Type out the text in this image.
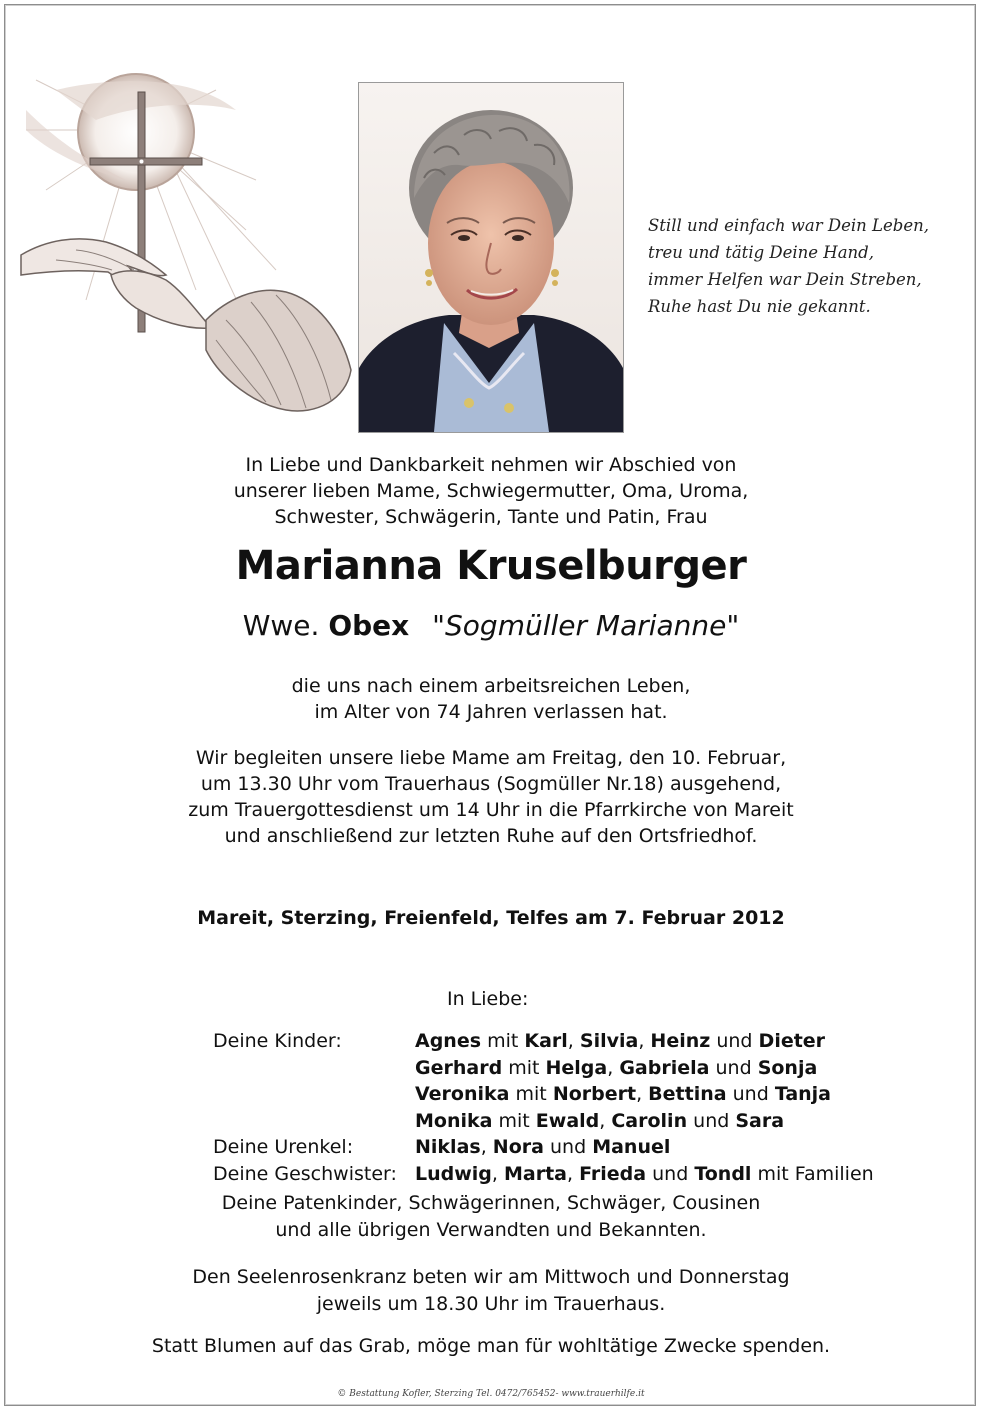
Still und einfach war Dein Leben,
treu und tätig Deine Hand,
immer Helfen war Dein Streben,
Ruhe hast Du nie gekannt.
In Liebe und Dankbarkeit nehmen wir Abschied von
unserer lieben Mame, Schwiegermutter, Oma, Uroma,
Schwester, Schwägerin, Tante und Patin, Frau
Marianna Kruselburger
Wwe. Obex "Sogmüller Marianne"
die uns nach einem arbeitsreichen Leben,
im Alter von 74 Jahren verlassen hat.
Wir begleiten unsere liebe Mame am Freitag, den 10. Februar,
um 13.30 Uhr vom Trauerhaus (Sogmüller Nr.18) ausgehend,
zum Trauergottesdienst um 14 Uhr in die Pfarrkirche von Mareit
und anschließend zur letzten Ruhe auf den Ortsfriedhof.
Mareit, Sterzing, Freienfeld, Telfes am 7. Februar 2012
In Liebe:
Deine Kinder:	Agnes mit Karl, Silvia, Heinz und Dieter
Gerhard mit Helga, Gabriela und Sonja
Veronika mit Norbert, Bettina und Tanja
Monika mit Ewald, Carolin und Sara
Deine Urenkel:	Niklas, Nora und Manuel
Deine Geschwister: Ludwig, Marta, Frieda und Tondl mit Familien
Deine Patenkinder, Schwägerinnen, Schwäger, Cousinen
und alle übrigen Verwandten und Bekannten.
Den Seelenrosenkranz beten wir am Mittwoch und Donnerstag
jeweils um 18.30 Uhr im Trauerhaus.
Statt Blumen auf das Grab, möge man für wohltätige Zwecke spenden.
© Bestattung Kofler, Sterzing Tel. 0472/765452- www.trauerhilfe.it
